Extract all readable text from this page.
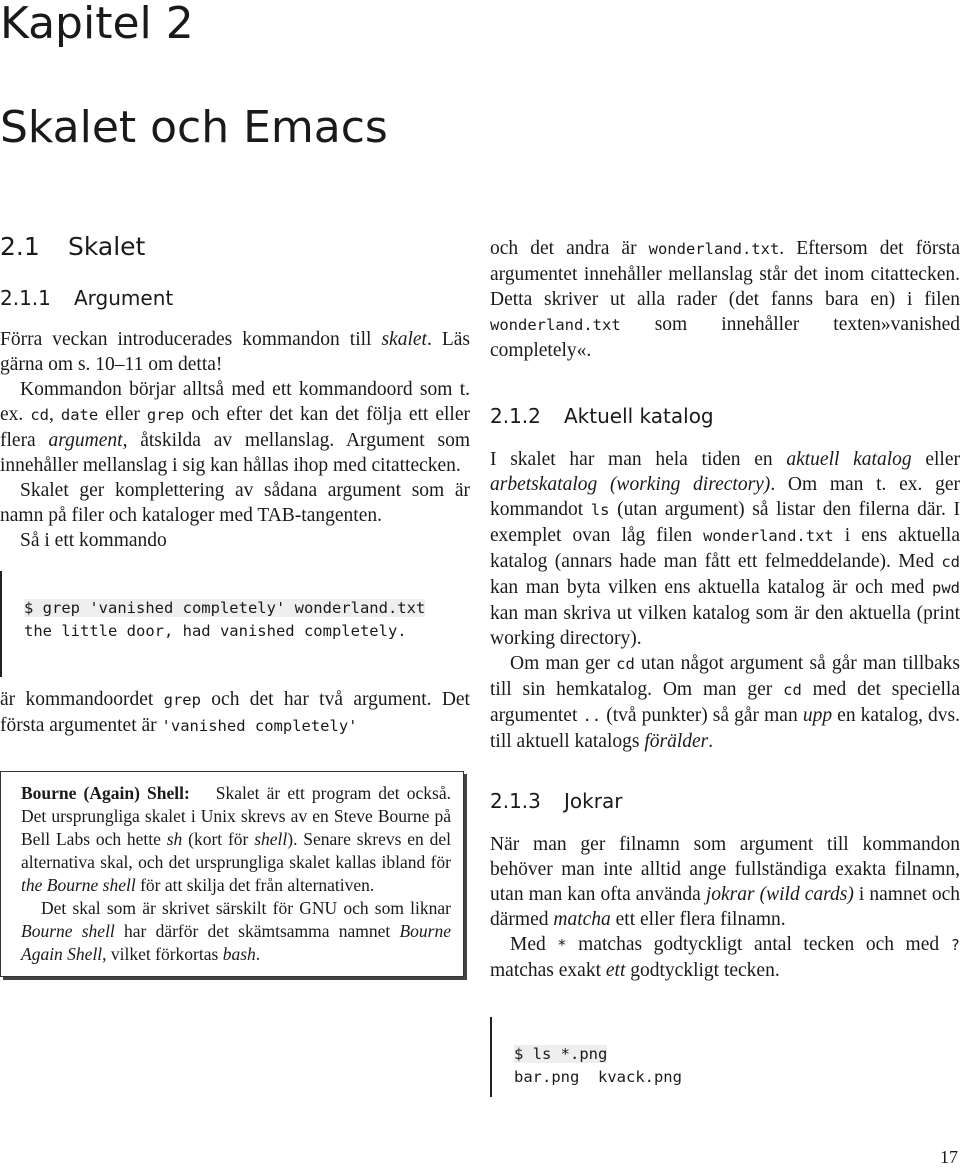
Kapitel 2
Skalet och Emacs
2.1 Skalet
2.1.1 Argument

Förra veckan introducerades kommandon till skalet. Läs gärna om s. 10–11 om detta!

Kommandon börjar alltså med ett kommandoord som t. ex. cd, date eller grep och efter det kan det följa ett eller flera argument, åtskilda av mellanslag. Argument som innehåller mellanslag i sig kan hållas ihop med citattecken.

Skalet ger komplettering av sådana argument som är namn på filer och kataloger med TAB-tangenten.

Så i ett kommando

$ grep 'vanished completely' wonderland.txt
the little door, had vanished completely.

är kommandoordet grep och det har två argument. Det första argumentet är 'vanished completely'

Bourne (Again) Shell: Skalet är ett program det också. Det ursprungliga skalet i Unix skrevs av en Steve Bourne på Bell Labs och hette sh (kort för shell). Senare skrevs en del alternativa skal, och det ursprungliga skalet kallas ibland för the Bourne shell för att skilja det från alternativen.

Det skal som är skrivet särskilt för GNU och som liknar Bourne shell har därför det skämtsamma namnet Bourne Again Shell, vilket förkortas bash.

och det andra är wonderland.txt. Eftersom det första argumentet innehåller mellanslag står det inom citattecken. Detta skriver ut alla rader (det fanns bara en) i filen wonderland.txt som innehåller texten»vanished completely«.

2.1.2 Aktuell katalog

I skalet har man hela tiden en aktuell katalog eller arbetskatalog (working directory). Om man t. ex. ger kommandot ls (utan argument) så listar den filerna där. I exemplet ovan låg filen wonderland.txt i ens aktuella katalog (annars hade man fått ett felmeddelande). Med cd kan man byta vilken ens aktuella katalog är och med pwd kan man skriva ut vilken katalog som är den aktuella (print working directory).

Om man ger cd utan något argument så går man tillbaks till sin hemkatalog. Om man ger cd med det speciella argumentet .. (två punkter) så går man upp en katalog, dvs. till aktuell katalogs förälder.

2.1.3 Jokrar

När man ger filnamn som argument till kommandon behöver man inte alltid ange fullständiga exakta filnamn, utan man kan ofta använda jokrar (wild cards) i namnet och därmed matcha ett eller flera filnamn.

Med * matchas godtyckligt antal tecken och med ? matchas exakt ett godtyckligt tecken.

$ ls *.png
bar.png  kvack.png
17
